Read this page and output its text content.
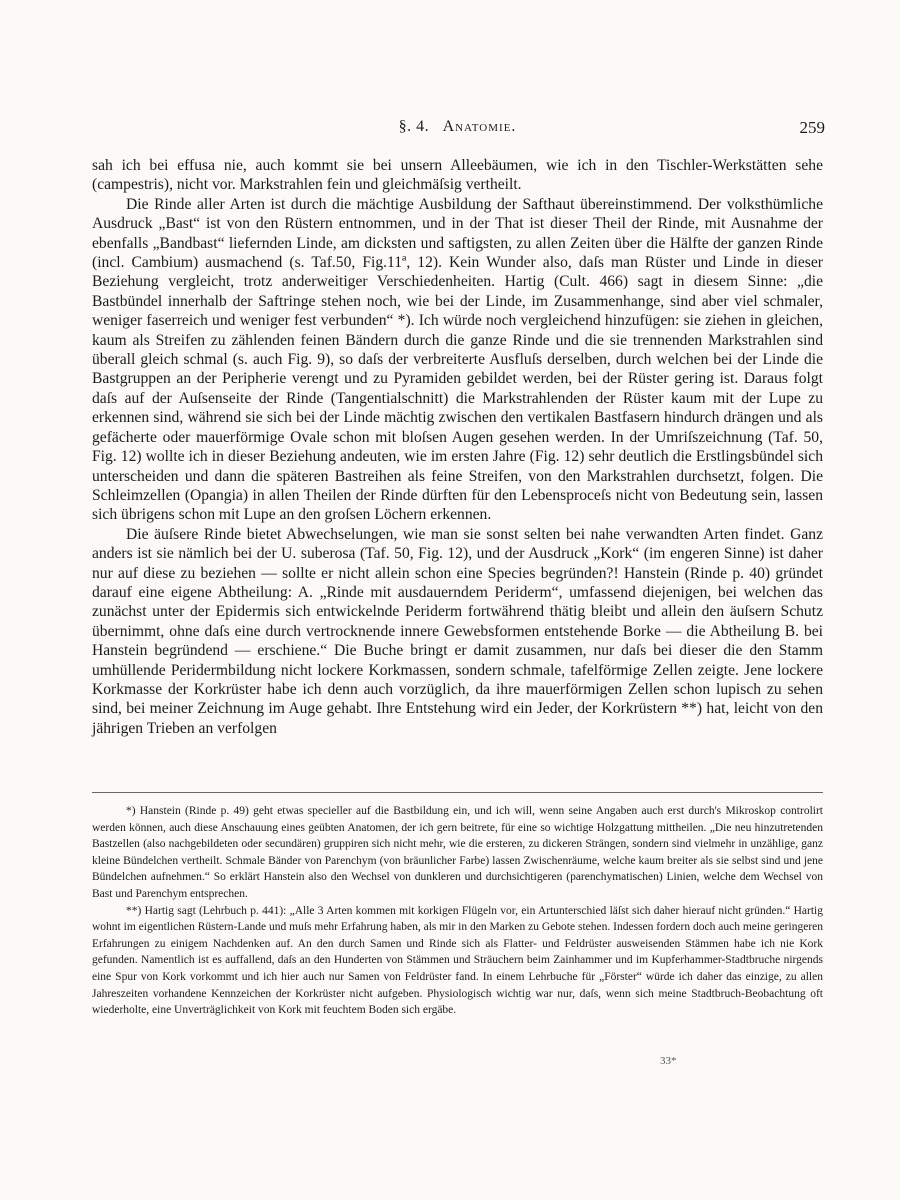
§. 4. Anatomie.	259

sah ich bei effusa nie, auch kommt sie bei unsern Alleebäumen, wie ich in den Tischler-Werkstätten sehe (campestris), nicht vor. Markstrahlen fein und gleichmäſsig vertheilt.

Die Rinde aller Arten ist durch die mächtige Ausbildung der Safthaut übereinstimmend. Der volksthümliche Ausdruck „Bast“ ist von den Rüstern entnommen, und in der That ist dieser Theil der Rinde, mit Ausnahme der ebenfalls „Bandbast“ liefernden Linde, am dicksten und saftigsten, zu allen Zeiten über die Hälfte der ganzen Rinde (incl. Cambium) ausmachend (s. Taf.50, Fig.11ª, 12). Kein Wunder also, daſs man Rüster und Linde in dieser Beziehung vergleicht, trotz anderweitiger Verschiedenheiten. Hartig (Cult. 466) sagt in diesem Sinne: „die Bastbündel innerhalb der Saftringe stehen noch, wie bei der Linde, im Zusammenhange, sind aber viel schmaler, weniger faserreich und weniger fest verbunden“ *). Ich würde noch vergleichend hinzufügen: sie ziehen in gleichen, kaum als Streifen zu zählenden feinen Bändern durch die ganze Rinde und die sie trennenden Markstrahlen sind überall gleich schmal (s. auch Fig. 9), so daſs der verbreiterte Ausfluſs derselben, durch welchen bei der Linde die Bastgruppen an der Peripherie verengt und zu Pyramiden gebildet werden, bei der Rüster gering ist. Daraus folgt daſs auf der Auſsenseite der Rinde (Tangentialschnitt) die Markstrahlenden der Rüster kaum mit der Lupe zu erkennen sind, während sie sich bei der Linde mächtig zwischen den vertikalen Bastfasern hindurch drängen und als gefächerte oder mauerförmige Ovale schon mit bloſsen Augen gesehen werden. In der Umriſszeichnung (Taf. 50, Fig. 12) wollte ich in dieser Beziehung andeuten, wie im ersten Jahre (Fig. 12) sehr deutlich die Erstlingsbündel sich unterscheiden und dann die späteren Bastreihen als feine Streifen, von den Markstrahlen durchsetzt, folgen. Die Schleimzellen (Opangia) in allen Theilen der Rinde dürften für den Lebensproceſs nicht von Bedeutung sein, lassen sich übrigens schon mit Lupe an den groſsen Löchern erkennen.

Die äuſsere Rinde bietet Abwechselungen, wie man sie sonst selten bei nahe verwandten Arten findet. Ganz anders ist sie nämlich bei der U. suberosa (Taf. 50, Fig. 12), und der Ausdruck „Kork“ (im engeren Sinne) ist daher nur auf diese zu beziehen — sollte er nicht allein schon eine Species begründen?! Hanstein (Rinde p. 40) gründet darauf eine eigene Abtheilung: A. „Rinde mit ausdauerndem Periderm“, umfassend diejenigen, bei welchen das zunächst unter der Epidermis sich entwickelnde Periderm fortwährend thätig bleibt und allein den äuſsern Schutz übernimmt, ohne daſs eine durch vertrocknende innere Gewebsformen entstehende Borke — die Abtheilung B. bei Hanstein begründend — erschiene.“ Die Buche bringt er damit zusammen, nur daſs bei dieser die den Stamm umhüllende Peridermbildung nicht lockere Korkmassen, sondern schmale, tafelförmige Zellen zeigte. Jene lockere Korkmasse der Korkrüster habe ich denn auch vorzüglich, da ihre mauerförmigen Zellen schon lupisch zu sehen sind, bei meiner Zeichnung im Auge gehabt. Ihre Entstehung wird ein Jeder, der Korkrüstern **) hat, leicht von den jährigen Trieben an verfolgen

*) Hanstein (Rinde p. 49) geht etwas specieller auf die Bastbildung ein, und ich will, wenn seine Angaben auch erst durch's Mikroskop controlirt werden können, auch diese Anschauung eines geübten Anatomen, der ich gern beitrete, für eine so wichtige Holzgattung mittheilen. „Die neu hinzutretenden Bastzellen (also nachgebildeten oder secundären) gruppiren sich nicht mehr, wie die ersteren, zu dickeren Strängen, sondern sind vielmehr in unzählige, ganz kleine Bündelchen vertheilt. Schmale Bänder von Parenchym (von bräunlicher Farbe) lassen Zwischenräume, welche kaum breiter als sie selbst sind und jene Bündelchen aufnehmen.“ So erklärt Hanstein also den Wechsel von dunkleren und durchsichtigeren (parenchymatischen) Linien, welche dem Wechsel von Bast und Parenchym entsprechen.

**) Hartig sagt (Lehrbuch p. 441): „Alle 3 Arten kommen mit korkigen Flügeln vor, ein Artunterschied läſst sich daher hierauf nicht gründen.“ Hartig wohnt im eigentlichen Rüstern-Lande und muſs mehr Erfahrung haben, als mir in den Marken zu Gebote stehen. Indessen fordern doch auch meine geringeren Erfahrungen zu einigem Nachdenken auf. An den durch Samen und Rinde sich als Flatter- und Feldrüster ausweisenden Stämmen habe ich nie Kork gefunden. Namentlich ist es auffallend, daſs an den Hunderten von Stämmen und Sträuchern beim Zainhammer und im Kupferhammer-Stadtbruche nirgends eine Spur von Kork vorkommt und ich hier auch nur Samen von Feldrüster fand. In einem Lehrbuche für „Förster“ würde ich daher das einzige, zu allen Jahreszeiten vorhandene Kennzeichen der Korkrüster nicht aufgeben. Physiologisch wichtig war nur, daſs, wenn sich meine Stadtbruch-Beobachtung oft wiederholte, eine Unverträglichkeit von Kork mit feuchtem Boden sich ergäbe.

33*
